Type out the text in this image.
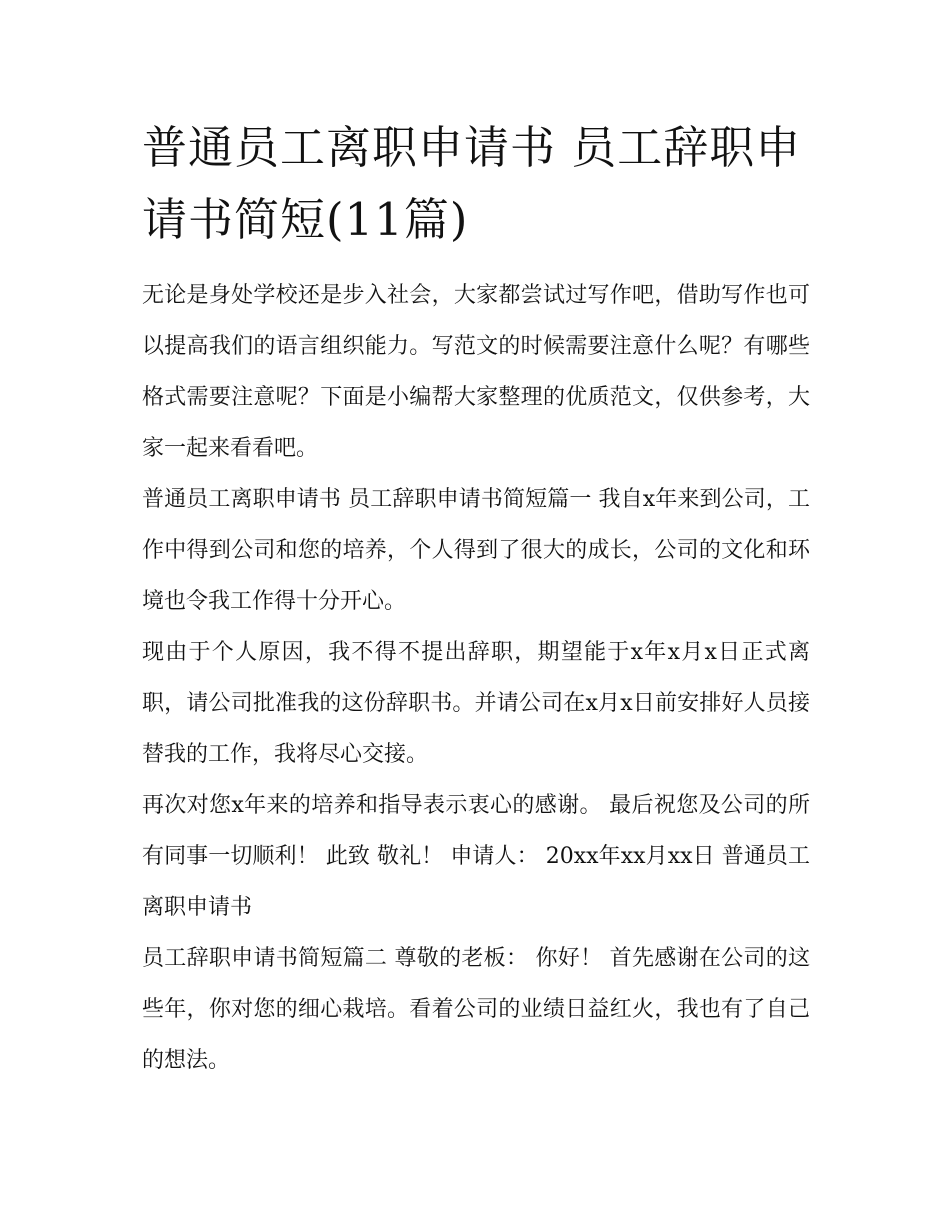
普通员工离职申请书 员工辞职申请书简短(11篇)

无论是身处学校还是步入社会，大家都尝试过写作吧，借助写作也可以提高我们的语言组织能力。写范文的时候需要注意什么呢？有哪些格式需要注意呢？下面是小编帮大家整理的优质范文，仅供参考，大家一起来看看吧。

普通员工离职申请书 员工辞职申请书简短篇一 我自x年来到公司，工作中得到公司和您的培养，个人得到了很大的成长，公司的文化和环境也令我工作得十分开心。

现由于个人原因，我不得不提出辞职，期望能于x年x月x日正式离职，请公司批准我的这份辞职书。并请公司在x月x日前安排好人员接替我的工作，我将尽心交接。

再次对您x年来的培养和指导表示衷心的感谢。 最后祝您及公司的所有同事一切顺利！ 此致 敬礼！ 申请人： 20xx年xx月xx日 普通员工离职申请书

员工辞职申请书简短篇二 尊敬的老板： 你好！ 首先感谢在公司的这些年，你对您的细心栽培。看着公司的业绩日益红火，我也有了自己的想法。
